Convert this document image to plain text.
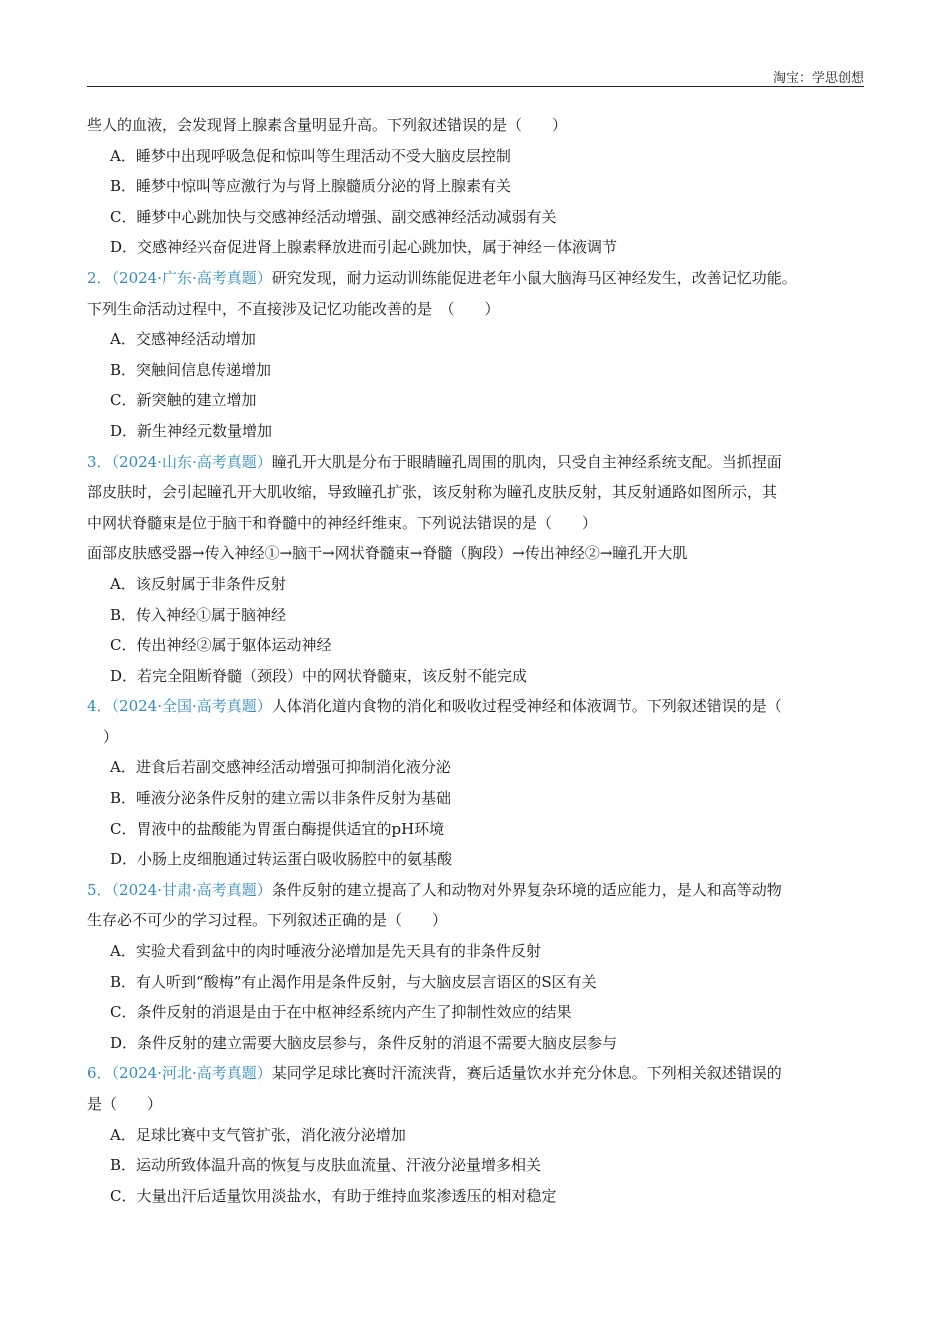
淘宝：学思创想
些人的血液，会发现肾上腺素含量明显升高。下列叙述错误的是（　　）
A．睡梦中出现呼吸急促和惊叫等生理活动不受大脑皮层控制
B．睡梦中惊叫等应激行为与肾上腺髓质分泌的肾上腺素有关
C．睡梦中心跳加快与交感神经活动增强、副交感神经活动减弱有关
D．交感神经兴奋促进肾上腺素释放进而引起心跳加快，属于神经－体液调节
2．（2024·广东·高考真题）研究发现，耐力运动训练能促进老年小鼠大脑海马区神经发生，改善记忆功能。
下列生命活动过程中，不直接涉及记忆功能改善的是　（　　）
A．交感神经活动增加
B．突触间信息传递增加
C．新突触的建立增加
D．新生神经元数量增加
3．（2024·山东·高考真题）瞳孔开大肌是分布于眼睛瞳孔周围的肌肉，只受自主神经系统支配。当抓捏面
部皮肤时，会引起瞳孔开大肌收缩，导致瞳孔扩张，该反射称为瞳孔皮肤反射，其反射通路如图所示，其
中网状脊髓束是位于脑干和脊髓中的神经纤维束。下列说法错误的是（　　）
面部皮肤感受器→传入神经①→脑干→网状脊髓束→脊髓（胸段）→传出神经②→瞳孔开大肌
A．该反射属于非条件反射
B．传入神经①属于脑神经
C．传出神经②属于躯体运动神经
D．若完全阻断脊髓（颈段）中的网状脊髓束，该反射不能完成
4．（2024·全国·高考真题）人体消化道内食物的消化和吸收过程受神经和体液调节。下列叙述错误的是（
）
A．进食后若副交感神经活动增强可抑制消化液分泌
B．唾液分泌条件反射的建立需以非条件反射为基础
C．胃液中的盐酸能为胃蛋白酶提供适宜的pH环境
D．小肠上皮细胞通过转运蛋白吸收肠腔中的氨基酸
5．（2024·甘肃·高考真题）条件反射的建立提高了人和动物对外界复杂环境的适应能力，是人和高等动物
生存必不可少的学习过程。下列叙述正确的是（　　）
A．实验犬看到盆中的肉时唾液分泌增加是先天具有的非条件反射
B．有人听到“酸梅”有止渴作用是条件反射，与大脑皮层言语区的S区有关
C．条件反射的消退是由于在中枢神经系统内产生了抑制性效应的结果
D．条件反射的建立需要大脑皮层参与，条件反射的消退不需要大脑皮层参与
6．（2024·河北·高考真题）某同学足球比赛时汗流浃背，赛后适量饮水并充分休息。下列相关叙述错误的
是（　　）
A．足球比赛中支气管扩张，消化液分泌增加
B．运动所致体温升高的恢复与皮肤血流量、汗液分泌量增多相关
C．大量出汗后适量饮用淡盐水，有助于维持血浆渗透压的相对稳定
